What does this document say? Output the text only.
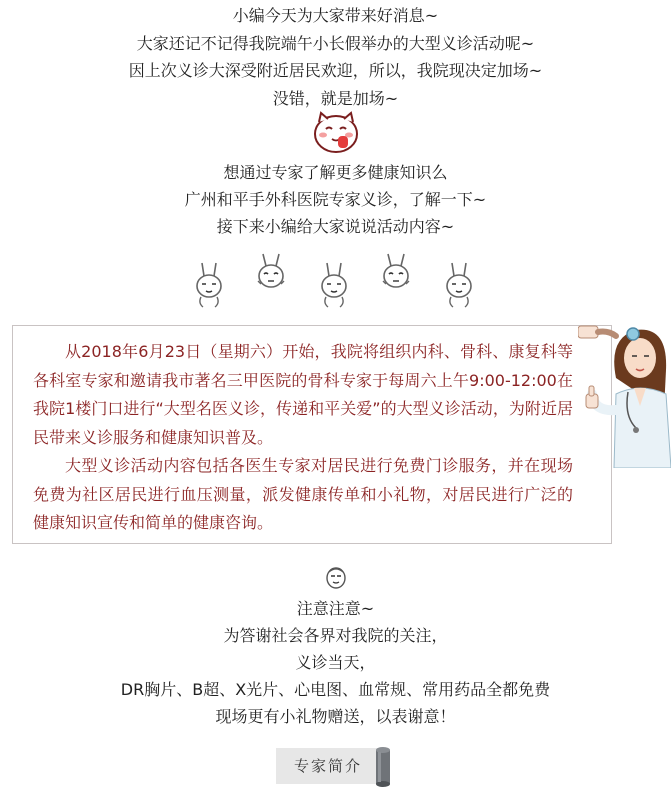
小编今天为大家带来好消息~

大家还记不记得我院端午小长假举办的大型义诊活动呢~

因上次义诊大深受附近居民欢迎，所以，我院现决定加场~

没错，就是加场~

想通过专家了解更多健康知识么

广州和平手外科医院专家义诊，了解一下~

接下来小编给大家说说活动内容~

从2018年6月23日（星期六）开始，我院将组织内科、骨科、康复科等各科室专家和邀请我市著名三甲医院的骨科专家于每周六上午9:00-12:00在我院1楼门口进行“大型名医义诊，传递和平关爱”的大型义诊活动，为附近居民带来义诊服务和健康知识普及。

大型义诊活动内容包括各医生专家对居民进行免费门诊服务，并在现场免费为社区居民进行血压测量，派发健康传单和小礼物，对居民进行广泛的健康知识宣传和简单的健康咨询。

注意注意~

为答谢社会各界对我院的关注，

义诊当天，

DR胸片、B超、X光片、心电图、血常规、常用药品全都免费

现场更有小礼物赠送，以表谢意！

专家简介
